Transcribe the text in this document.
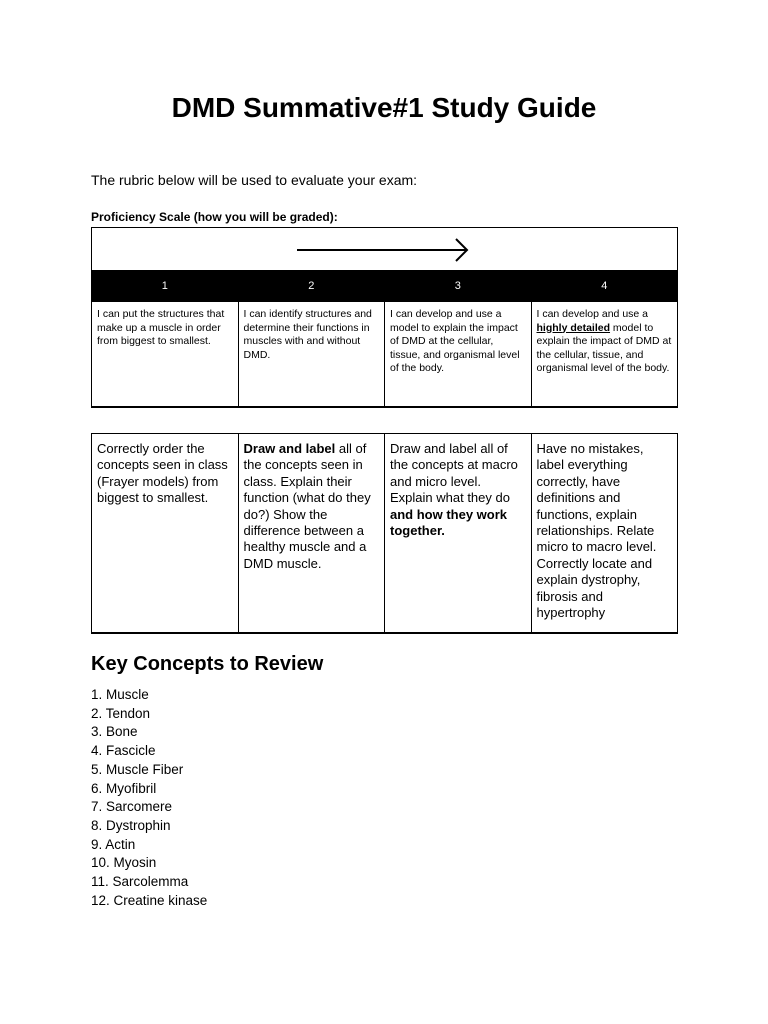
DMD Summative#1 Study Guide
The rubric below will be used to evaluate your exam:
Proficiency Scale (how you will be graded):

1	2	3	4
I can put the structures that make up a muscle in order from biggest to smallest.	I can identify structures and determine their functions in muscles with and without DMD.	I can develop and use a model to explain the impact of DMD at the cellular, tissue, and organismal level of the body.	I can develop and use a highly detailed model to explain the impact of DMD at the cellular, tissue, and organismal level of the body.
Correctly order the concepts seen in class (Frayer models) from biggest to smallest.	Draw and label all of the concepts seen in class. Explain their function (what do they do?) Show the difference between a healthy muscle and a DMD muscle.	Draw and label all of the concepts at macro and micro level. Explain what they do and how they work together.	Have no mistakes, label everything correctly, have definitions and functions, explain relationships. Relate micro to macro level. Correctly locate and explain dystrophy, fibrosis and hypertrophy
Key Concepts to Review
1. Muscle
2. Tendon
3. Bone
4. Fascicle
5. Muscle Fiber
6. Myofibril
7. Sarcomere
8. Dystrophin
9. Actin
10. Myosin
11. Sarcolemma
12. Creatine kinase
